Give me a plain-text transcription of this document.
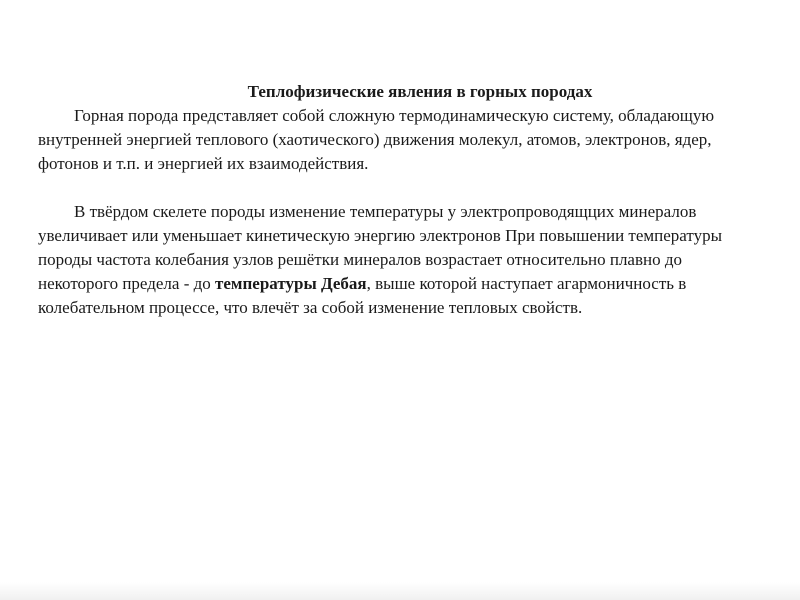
Теплофизические явления в горных породах

Горная порода представляет собой сложную термодинамическую систему, обладающую внутренней энергией теплового (хаотического) движения молекул, атомов, электронов, ядер, фотонов и т.п. и энергией их взаимодействия.

В твёрдом скелете породы изменение температуры у электропроводящцих минералов увеличивает или уменьшает кинетическую энергию электронов При повышении температуры породы частота колебания узлов решётки минералов возрастает относительно плавно до некоторого предела - до температуры Дебая, выше которой наступает агармоничность в колебательном процессе, что влечёт за собой изменение тепловых свойств.
